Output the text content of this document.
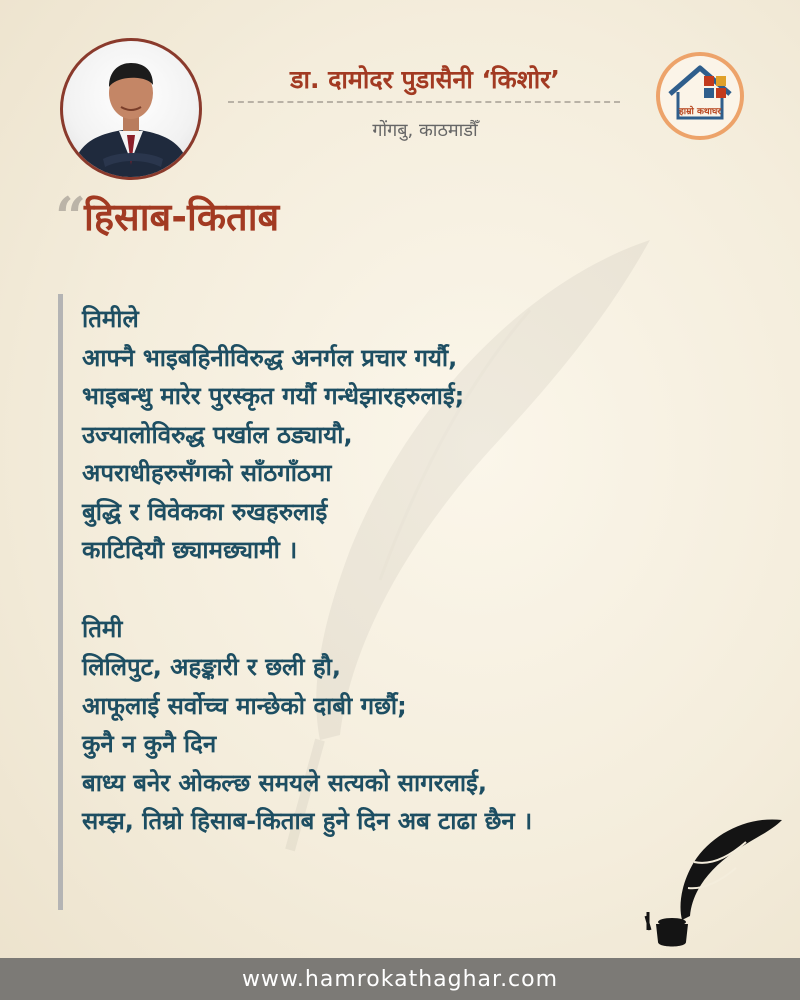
डा. दामोदर पुडासैनी ‘किशोर’
गोंगबु, काठमाडौँ
हाम्रो कथाघर
“
हिसाब-किताब
तिमीले
आफ्नै भाइबहिनीविरुद्ध अनर्गल प्रचार गर्यौ,
भाइबन्धु मारेर पुरस्कृत गर्यौ गन्धेझारहरुलाई;
उज्यालोविरुद्ध पर्खाल ठड्यायौ,
अपराधीहरुसँगको साँठगाँठमा
बुद्धि र विवेकका रुखहरुलाई
काटिदियौ छ्यामछ्यामी ।
तिमी
लिलिपुट, अहङ्कारी र छली हौ,
आफूलाई सर्वोच्च मान्छेको दाबी गर्छौ;
कुनै न कुनै दिन
बाध्य बनेर ओकल्छ समयले सत्यको सागरलाई,
सम्झ, तिम्रो हिसाब-किताब हुने दिन अब टाढा छैन ।
www.hamrokathaghar.com
